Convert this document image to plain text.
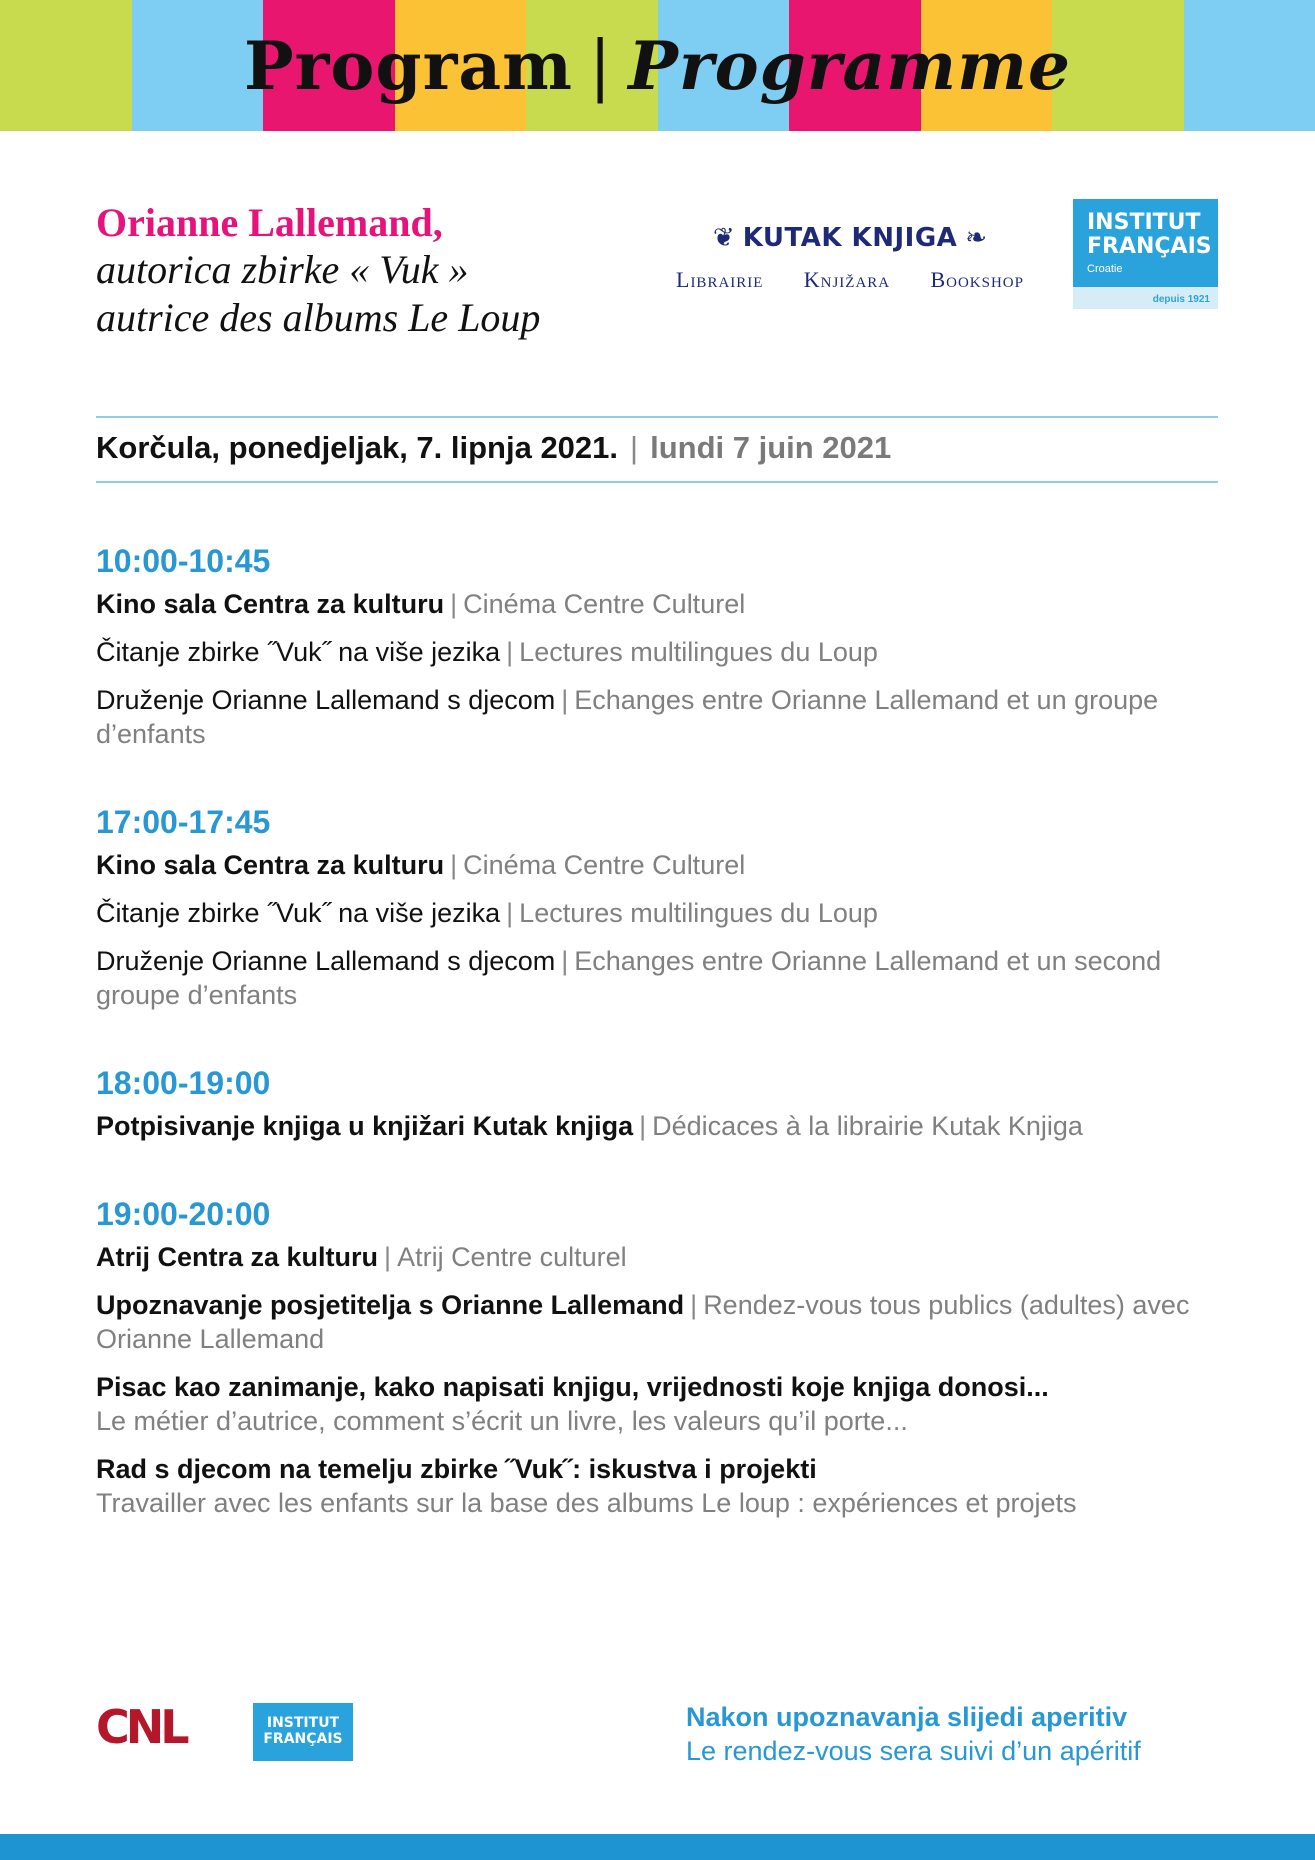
Program | Programme
Orianne Lallemand,
autorica zbirke « Vuk »
autrice des albums Le Loup
❦ KUTAK KNJIGA ❧
Librairie Knjižara Bookshop
INSTITUT
FRANÇAIS
Croatie
depuis 1921
Korčula, ponedjeljak, 7. lipnja 2021. | lundi 7 juin 2021
10:00-10:45
Kino sala Centra za kulturu | Cinéma Centre Culturel
Čitanje zbirke ˝Vuk˝ na više jezika | Lectures multilingues du Loup
Druženje Orianne Lallemand s djecom | Echanges entre Orianne Lallemand et un groupe d’enfants
17:00-17:45
Kino sala Centra za kulturu | Cinéma Centre Culturel
Čitanje zbirke ˝Vuk˝ na više jezika | Lectures multilingues du Loup
Druženje Orianne Lallemand s djecom | Echanges entre Orianne Lallemand et un second groupe d’enfants
18:00-19:00
Potpisivanje knjiga u knjižari Kutak knjiga | Dédicaces à la librairie Kutak Knjiga
19:00-20:00
Atrij Centra za kulturu | Atrij Centre culturel
Upoznavanje posjetitelja s Orianne Lallemand | Rendez-vous tous publics (adultes) avec Orianne Lallemand
Pisac kao zanimanje, kako napisati knjigu, vrijednosti koje knjiga donosi...
Le métier d’autrice, comment s’écrit un livre, les valeurs qu’il porte...
Rad s djecom na temelju zbirke ˝Vuk˝: iskustva i projekti
Travailler avec les enfants sur la base des albums Le loup : expériences et projets
CNL	INSTITUT
FRANÇAIS
Nakon upoznavanja slijedi aperitiv
Le rendez-vous sera suivi d’un apéritif
